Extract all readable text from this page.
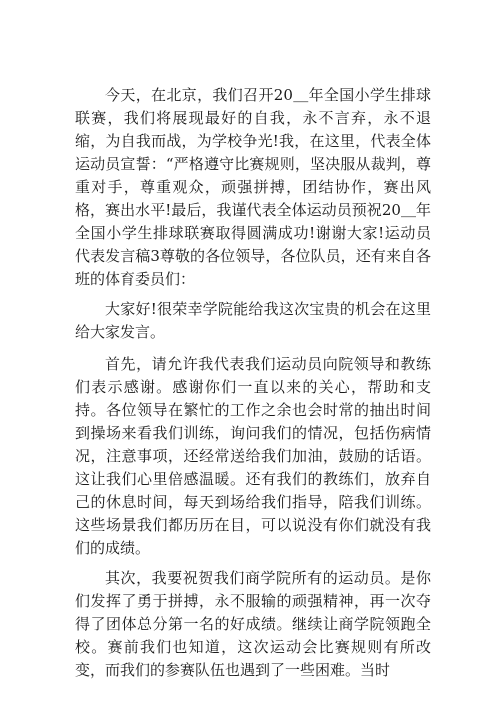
今天，在北京，我们召开20＿年全国小学生排球联赛，我们将展现最好的自我，永不言弃，永不退缩，为自我而战，为学校争光!我，在这里，代表全体运动员宣誓：“严格遵守比赛规则，坚决服从裁判，尊重对手，尊重观众，顽强拼搏，团结协作，赛出风格，赛出水平!最后，我谨代表全体运动员预祝20＿年全国小学生排球联赛取得圆满成功!谢谢大家!运动员代表发言稿3尊敬的各位领导，各位队员，还有来自各班的体育委员们：

大家好!很荣幸学院能给我这次宝贵的机会在这里给大家发言。

首先，请允许我代表我们运动员向院领导和教练们表示感谢。感谢你们一直以来的关心，帮助和支持。各位领导在繁忙的工作之余也会时常的抽出时间到操场来看我们训练，询问我们的情况，包括伤病情况，注意事项，还经常送给我们加油，鼓励的话语。这让我们心里倍感温暖。还有我们的教练们，放弃自己的休息时间，每天到场给我们指导，陪我们训练。这些场景我们都历历在目，可以说没有你们就没有我们的成绩。

其次，我要祝贺我们商学院所有的运动员。是你们发挥了勇于拼搏，永不服输的顽强精神，再一次夺得了团体总分第一名的好成绩。继续让商学院领跑全校。赛前我们也知道，这次运动会比赛规则有所改变，而我们的参赛队伍也遇到了一些困难。当时
